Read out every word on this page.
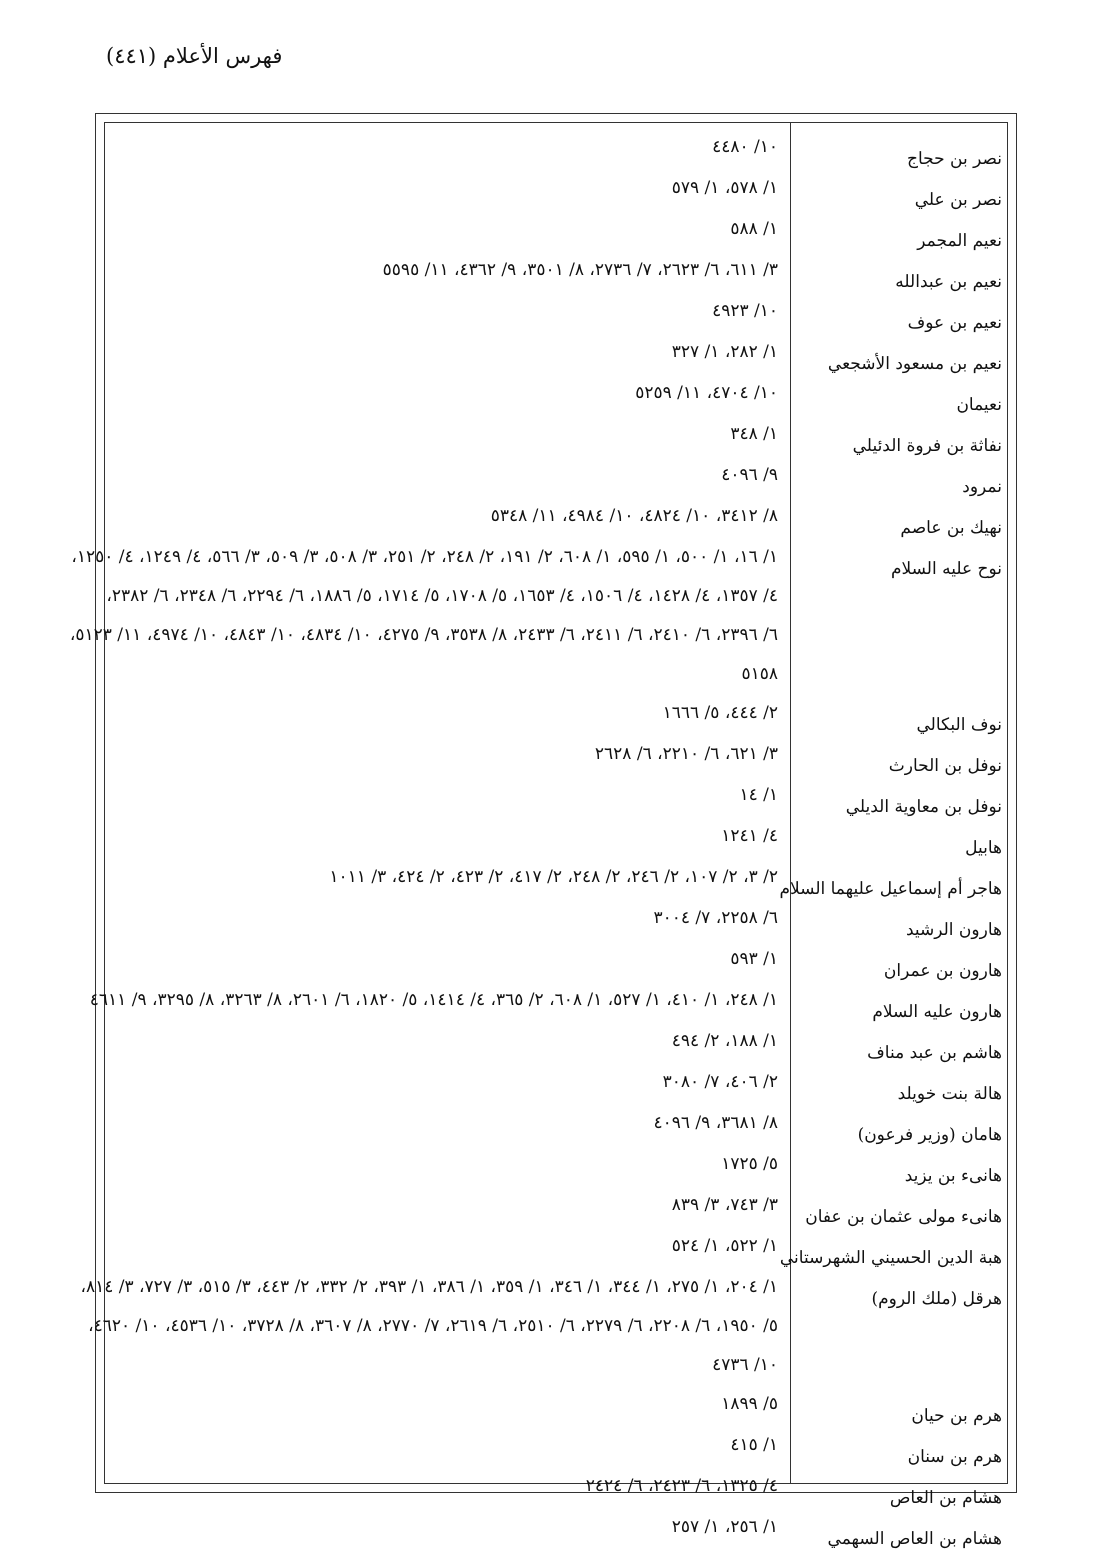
فهرس الأعلام (٤٤١)
نصر بن حجاج
١٠/ ٤٤٨٠
نصر بن علي
١/ ٥٧٨، ١/ ٥٧٩
نعيم المجمر
١/ ٥٨٨
نعيم بن عبدالله
٣/ ٦١١، ٦/ ٢٦٢٣، ٧/ ٢٧٣٦، ٨/ ٣٥٠١، ٩/ ٤٣٦٢، ١١/ ٥٥٩٥
نعيم بن عوف
١٠/ ٤٩٢٣
نعيم بن مسعود الأشجعي
١/ ٢٨٢، ١/ ٣٢٧
نعيمان
١٠/ ٤٧٠٤، ١١/ ٥٢٥٩
نفاثة بن فروة الدئيلي
١/ ٣٤٨
نمرود
٩/ ٤٠٩٦
نهيك بن عاصم
٨/ ٣٤١٢، ١٠/ ٤٨٢٤، ١٠/ ٤٩٨٤، ١١/ ٥٣٤٨
نوح عليه السلام
١/ ١٦، ١/ ٥٠٠، ١/ ٥٩٥، ١/ ٦٠٨، ٢/ ١٩١، ٢/ ٢٤٨، ٢/ ٢٥١، ٣/ ٥٠٨، ٣/ ٥٠٩، ٣/ ٥٦٦، ٤/ ١٢٤٩، ٤/ ١٢٥٠،
٤/ ١٣٥٧، ٤/ ١٤٢٨، ٤/ ١٥٠٦، ٤/ ١٦٥٣، ٥/ ١٧٠٨، ٥/ ١٧١٤، ٥/ ١٨٨٦، ٦/ ٢٢٩٤، ٦/ ٢٣٤٨، ٦/ ٢٣٨٢،
٦/ ٢٣٩٦، ٦/ ٢٤١٠، ٦/ ٢٤١١، ٦/ ٢٤٣٣، ٨/ ٣٥٣٨، ٩/ ٤٢٧٥، ١٠/ ٤٨٣٤، ١٠/ ٤٨٤٣، ١٠/ ٤٩٧٤، ١١/ ٥١٢٣،
٥١٥٨
نوف البكالي
٢/ ٤٤٤، ٥/ ١٦٦٦
نوفل بن الحارث
٣/ ٦٢١، ٦/ ٢٢١٠، ٦/ ٢٦٢٨
نوفل بن معاوية الديلي
١/ ١٤
هابيل
٤/ ١٢٤١
هاجر أم إسماعيل عليهما السلام
٢/ ٣، ٢/ ١٠٧، ٢/ ٢٤٦، ٢/ ٢٤٨، ٢/ ٤١٧، ٢/ ٤٢٣، ٢/ ٤٢٤، ٣/ ١٠١١
هارون الرشيد
٦/ ٢٢٥٨، ٧/ ٣٠٠٤
هارون بن عمران
١/ ٥٩٣
هارون عليه السلام
١/ ٢٤٨، ١/ ٤١٠، ١/ ٥٢٧، ١/ ٦٠٨، ٢/ ٣٦٥، ٤/ ١٤١٤، ٥/ ١٨٢٠، ٦/ ٢٦٠١، ٨/ ٣٢٦٣، ٨/ ٣٢٩٥، ٩/ ٤٦١١
هاشم بن عبد مناف
١/ ١٨٨، ٢/ ٤٩٤
هالة بنت خويلد
٢/ ٤٠٦، ٧/ ٣٠٨٠
هامان (وزير فرعون)
٨/ ٣٦٨١، ٩/ ٤٠٩٦
هانىء بن يزيد
٥/ ١٧٢٥
هانىء مولى عثمان بن عفان
٣/ ٧٤٣، ٣/ ٨٣٩
هبة الدين الحسيني الشهرستاني
١/ ٥٢٢، ١/ ٥٢٤
هرقل (ملك الروم)
١/ ٢٠٤، ١/ ٢٧٥، ١/ ٣٤٤، ١/ ٣٤٦، ١/ ٣٥٩، ١/ ٣٨٦، ١/ ٣٩٣، ٢/ ٣٣٢، ٢/ ٤٤٣، ٣/ ٥١٥، ٣/ ٧٢٧، ٣/ ٨١٤،
٥/ ١٩٥٠، ٦/ ٢٢٠٨، ٦/ ٢٢٧٩، ٦/ ٢٥١٠، ٦/ ٢٦١٩، ٧/ ٢٧٧٠، ٨/ ٣٦٠٧، ٨/ ٣٧٢٨، ١٠/ ٤٥٣٦، ١٠/ ٤٦٢٠،
١٠/ ٤٧٣٦
هرم بن حيان
٥/ ١٨٩٩
هرم بن سنان
١/ ٤١٥
هشام بن العاص
٤/ ١٣٢٥، ٦/ ٢٤٢٣، ٦/ ٢٤٢٤
هشام بن العاص السهمي
١/ ٢٥٦، ١/ ٢٥٧
